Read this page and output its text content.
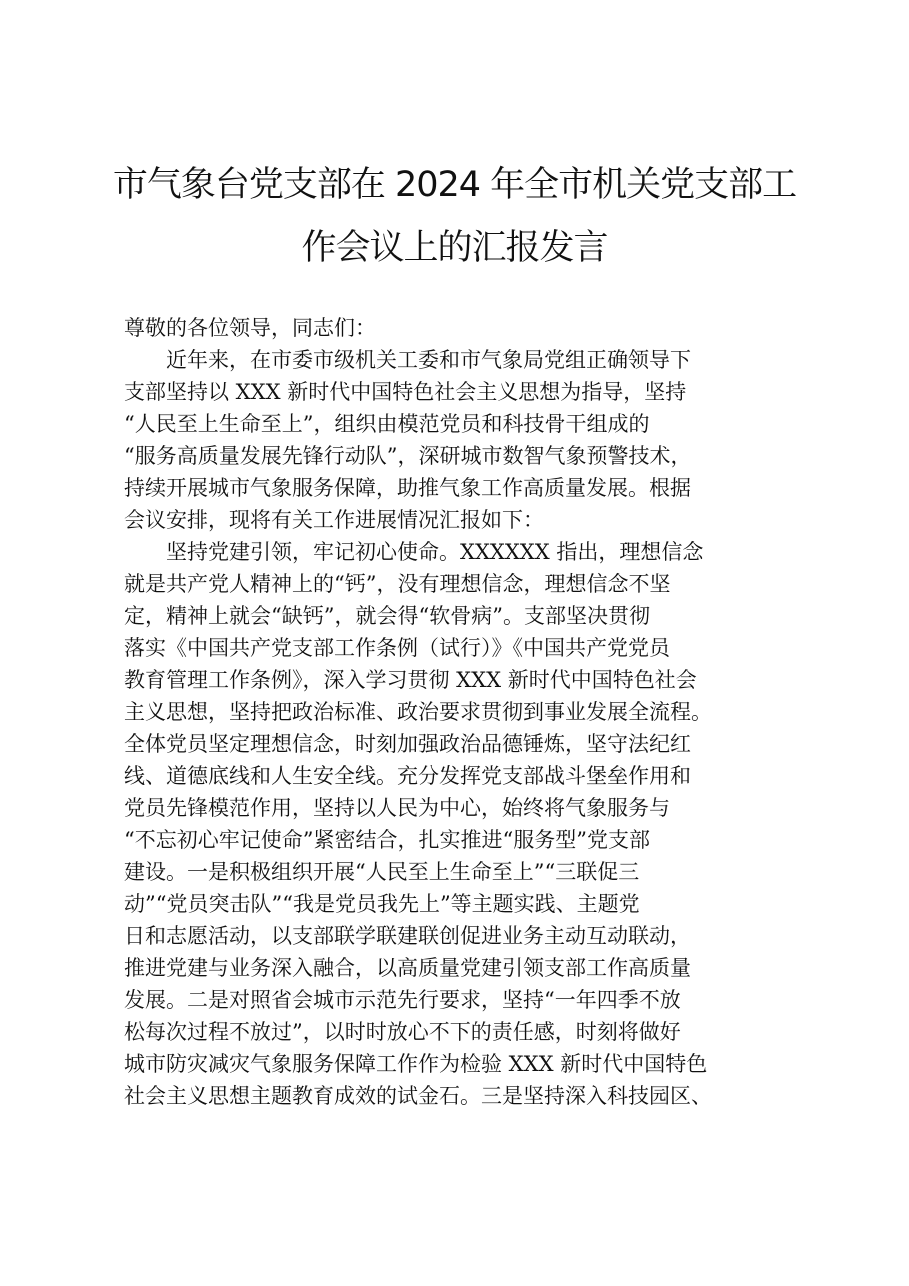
市气象台党支部在 2024 年全市机关党支部工
作会议上的汇报发言
尊敬的各位领导，同志们：
　　近年来，在市委市级机关工委和市气象局党组正确领导下
支部坚持以 XXX 新时代中国特色社会主义思想为指导，坚持
“人民至上生命至上”，组织由模范党员和科技骨干组成的
“服务高质量发展先锋行动队”，深研城市数智气象预警技术，
持续开展城市气象服务保障，助推气象工作高质量发展。根据
会议安排，现将有关工作进展情况汇报如下：
　　坚持党建引领，牢记初心使命。XXXXXX 指出，理想信念
就是共产党人精神上的“钙”，没有理想信念，理想信念不坚
定，精神上就会“缺钙”，就会得“软骨病”。支部坚决贯彻
落实《中国共产党支部工作条例（试行）》《中国共产党党员
教育管理工作条例》，深入学习贯彻 XXX 新时代中国特色社会
主义思想，坚持把政治标准、政治要求贯彻到事业发展全流程。
全体党员坚定理想信念，时刻加强政治品德锤炼，坚守法纪红
线、道德底线和人生安全线。充分发挥党支部战斗堡垒作用和
党员先锋模范作用，坚持以人民为中心，始终将气象服务与
“不忘初心牢记使命”紧密结合，扎实推进“服务型”党支部
建设。一是积极组织开展“人民至上生命至上”“三联促三
动”“党员突击队”“我是党员我先上”等主题实践、主题党
日和志愿活动，以支部联学联建联创促进业务主动互动联动，
推进党建与业务深入融合，以高质量党建引领支部工作高质量
发展。二是对照省会城市示范先行要求，坚持“一年四季不放
松每次过程不放过”，以时时放心不下的责任感，时刻将做好
城市防灾减灾气象服务保障工作作为检验 XXX 新时代中国特色
社会主义思想主题教育成效的试金石。三是坚持深入科技园区、
